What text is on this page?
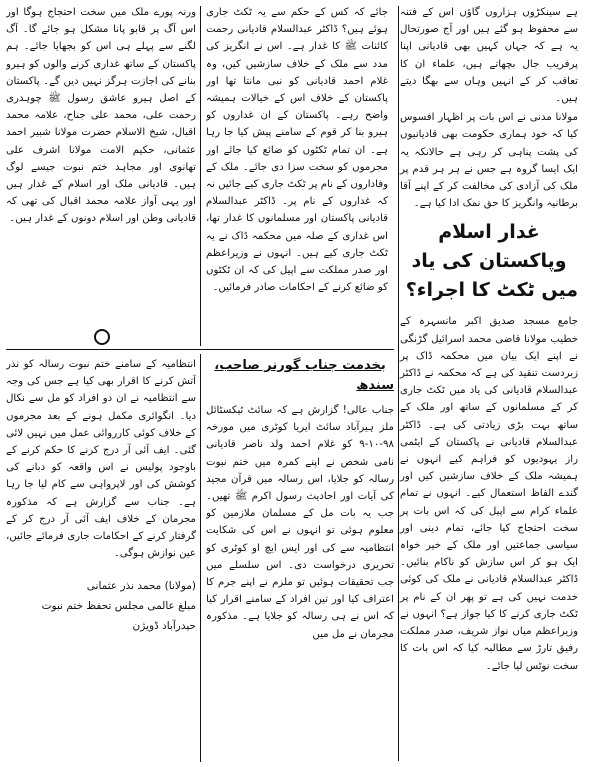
ہے سینکڑوں ہزاروں گاؤں اس کے فتنہ سے محفوظ ہو گئے ہیں اور آج صورتحال یہ ہے کہ جہاں کہیں بھی قادیانی اپنا پرفریب جال بچھاتے ہیں، علماء ان کا تعاقب کر کے انہیں وہاں سے بھگا دیتے ہیں۔

مولانا مدنی نے اس بات پر اظہار افسوس کیا کہ خود ہماری حکومت بھی قادیانیوں کی پشت پناہی کر رہی ہے حالانکہ یہ ایک ایسا گروہ ہے جس نے ہر ہر قدم پر ملک کی آزادی کی مخالفت کر کے اپنے آقا برطانیہ وانگریز کا حق نمک ادا کیا ہے۔

غدار اسلام وپاکستان کی یاد میں ٹکٹ کا اجراء؟

جامع مسجد صدیق اکبر مانسہرہ کے خطیب مولانا قاضی محمد اسرائیل گڑنگی نے اپنے ایک بیان میں محکمہ ڈاک پر زبردست تنقید کی ہے کہ محکمہ نے ڈاکٹر عبدالسلام قادیانی کی یاد میں ٹکٹ جاری کر کے مسلمانوں کے ساتھ اور ملک کے ساتھ بہت بڑی زیادتی کی ہے۔ ڈاکٹر عبدالسلام قادیانی نے پاکستان کے ایٹمی راز یہودیوں کو فراہم کیے انہوں نے ہمیشہ ملک کے خلاف سازشیں کیں اور گندے الفاظ استعمال کیے۔ انہوں نے تمام علماء کرام سے اپیل کی کہ اس بات پر سخت احتجاج کیا جائے، تمام دینی اور سیاسی جماعتیں اور ملک کے خیر خواہ ایک ہو کر اس سازش کو ناکام بنائیں۔ ڈاکٹر عبدالسلام قادیانی نے ملک کی کوئی خدمت نہیں کی ہے تو پھر ان کے نام پر ٹکٹ جاری کرنے کا کیا جواز ہے؟ انہوں نے وزیراعظم میاں نواز شریف، صدر مملکت رفیق تارڑ سے مطالبہ کیا کہ اس بات کا سخت نوٹس لیا جائے۔

جائے کہ کس کے حکم سے یہ ٹکٹ جاری ہوئے ہیں؟ ڈاکٹر عبدالسلام قادیانی رحمت کائنات ﷺ کا غدار ہے۔ اس نے انگریز کی مدد سے ملک کے خلاف سازشیں کیں، وہ غلام احمد قادیانی کو نبی مانتا تھا اور پاکستان کے خلاف اس کے خیالات ہمیشہ واضح رہے۔ پاکستان کے ان غداروں کو ہیرو بنا کر قوم کے سامنے پیش کیا جا رہا ہے۔ ان تمام ٹکٹوں کو ضائع کیا جائے اور مجرموں کو سخت سزا دی جائے۔ ملک کے وفاداروں کے نام پر ٹکٹ جاری کیے جائیں نہ کہ غداروں کے نام پر۔ ڈاکٹر عبدالسلام قادیانی پاکستان اور مسلمانوں کا غدار تھا، اس غداری کے صلہ میں محکمہ ڈاک نے یہ ٹکٹ جاری کیے ہیں۔ انہوں نے وزیراعظم اور صدر مملکت سے اپیل کی کہ ان ٹکٹوں کو ضائع کرنے کے احکامات صادر فرمائیں۔

ورنہ پورے ملک میں سخت احتجاج ہوگا اور اس آگ پر قابو پانا مشکل ہو جائے گا۔ آگ لگنے سے پہلے ہی اس کو بجھایا جائے۔ ہم پاکستان کے ساتھ غداری کرنے والوں کو ہیرو بنانے کی اجازت ہرگز نہیں دیں گے۔ پاکستان کے اصل ہیرو عاشق رسول ﷺ چوہدری رحمت علی، محمد علی جناح، علامہ محمد اقبال، شیخ الاسلام حضرت مولانا شبیر احمد عثمانی، حکیم الامت مولانا اشرف علی تھانوی اور مجاہد ختم نبوت جیسے لوگ ہیں۔ قادیانی ملک اور اسلام کے غدار ہیں اور یہی آواز علامہ محمد اقبال کی تھی کہ قادیانی وطن اور اسلام دونوں کے غدار ہیں۔

بخدمت جناب گورنر صاحب، سندھ

جناب عالی! گزارش ہے کہ سائٹ ٹیکسٹائل ملز ہیرآباد سائٹ ایریا کوٹری میں مورخہ ۹۸-۱۰-۹ کو غلام احمد ولد ناصر قادیانی نامی شخص نے اپنے کمرہ میں ختم نبوت رسالہ کو جلایا، اس رسالہ میں قرآن مجید کی آیات اور احادیث رسول اکرم ﷺ تھیں۔ جب یہ بات مل کے مسلمان ملازمین کو معلوم ہوئی تو انہوں نے اس کی شکایت انتظامیہ سے کی اور ایس ایچ او کوٹری کو تحریری درخواست دی۔ اس سلسلے میں جب تحقیقات ہوئیں تو ملزم نے اپنے جرم کا اعتراف کیا اور تین افراد کے سامنے اقرار کیا کہ اس نے ہی رسالہ کو جلایا ہے۔ مذکورہ مجرمان نے مل میں

انتظامیہ کے سامنے ختم نبوت رسالہ کو نذر آتش کرنے کا اقرار بھی کیا ہے جس کی وجہ سے انتظامیہ نے ان دو افراد کو مل سے نکال دیا۔ انگوائری مکمل ہونے کے بعد مجرموں کے خلاف کوئی کارروائی عمل میں نہیں لائی گئی۔ ایف آئی آر درج کرنے کا حکم کرنے کے باوجود پولیس نے اس واقعہ کو دبانے کی کوشش کی اور لاپرواہی سے کام لیا جا رہا ہے۔ جناب سے گزارش ہے کہ مذکورہ مجرمان کے خلاف ایف آئی آر درج کر کے گرفتار کرنے کے احکامات جاری فرمائے جائیں، عین نوازش ہوگی۔

(مولانا) محمد نذر عثمانی
مبلغ عالمی مجلس تحفظ ختم نبوت
حیدرآباد ڈویژن
